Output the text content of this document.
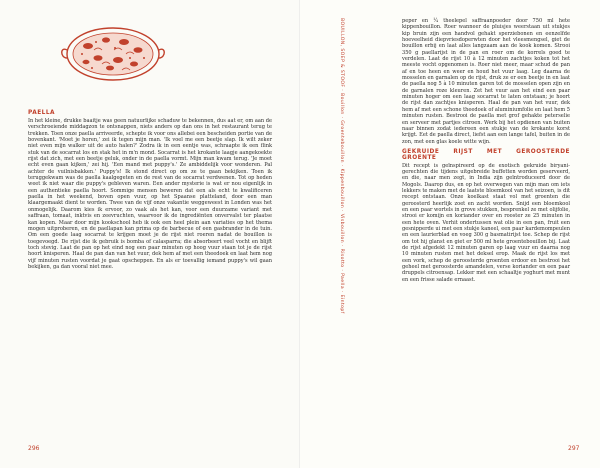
PAELLA

In het kleine, drukke baaitje was geen natuurlijke schaduw te bekennen, dus aat er, om aan de verschroeiende middagzon te ontsnappen, niets anders op dan ons in het restaurant terug te trekken. Toen onze paella arriveerde, schepte ik voor ons allebei een bescheiden portie van de bovenkant. 'Moet je horen,' zei ik tegen mijn man. 'Ik voel me een beetje slap. Ik wilt zeker niet even mijn walker uit de auto halen?' Zodra ik in een eentje was, schraapte ik een flink stuk van de socarrat los en stak het in m'n mond. Socarrat is het krokante laagje aangekoekte rijst dat zich, met een beetje geluk, onder in de paella vormt. Mijn man kwam terug. 'Je moet echt even gaan kijken,' zei hij. 'Een mand met puppy's.' Ze ambiddelijk voor wonderen. Pal achter de vuilnisbakken.' Puppy's! Ik stond direct op om ze te gaan bekijken. Toen ik teruggekwam was de paella kaalgegeten en de rest van de socarrat verdwenen. Tot op heden weet ik niet waar die puppy's gebleven waren. Een ander mysterie is wat er nou eigenlijk in een authentieke paella hoort. Sommige mensen beweren dat een als echt te kwalificeren paella in het weekend, boven open vuur, op het Spaanse platteland, door een man klaargemaakt dient te worden. Twee van de vijf onze vakantie weggeweest in Londen was het onmogelijk. Daarom kies ik ervoor, zo vaak als het kan, voor een duurzame variant met saffraan, tomaat, inktvis en zeevruchten, waarvoor ik de ingrediënten onvervalst ter plaatse kan kopen. Maar door mijn kookschool heb ik ook een heel plein aan variaties op het thema mogen uitproberen, en de paellapan kan prima op de barbecue of een gasbrander in de tuin. Om een goede laag socarrat te krijgen moet je de rijst niet roeren nadat de bouillon is toegevoegd. De rijst die ik gebruik is bomba of calasparra; die absorbeert veel vocht en blijft toch stevig. Laat de pan op het eind nog een paar minuten op hoog vuur staan tot je de rijst hoort knisperen. Haal de pan dan van het vuur, dek hem af met een theedoek en laat hem nog vijf minuten rusten voordat je gaat opscheppen. En als er toevallig iemand puppy's wil gaan bekijken, ga dan vooral niet mee.

296

peper en ¼ theelepel saffraanpoeder door 750 ml hete kippenbouillon. Roer wanneer de pluisjes weerstaan uit stukjes kip bruin zijn een handvol gehakt sperziebonen en eenzelfde hoeveelheid diepvriesdoperwten door het vleesmengsel, giet de bouillon erbij en laat alles langzaam aan de kook komen. Strooi 350 g paellarijst in de pan en roer om de korrels goed te verdelen. Laat de rijst 10 à 12 minuten zachtjes koken tot het meeste vocht opgenomen is. Roer niet meer, maar schud de pan af en toe heen en weer en houd het vuur laag. Leg daarna de mosselen en garnalen op de rijst, druk ze er een beetje in en laat de paella nog 5 à 10 minuten garen tot de mosselen open zijn en de garnalen roze kleuren. Zet het vuur aan het eind een paar minuten hoger om een laag socarrat te laten ontstaan; je hoort de rijst dan zachtjes knisperen. Haal de pan van het vuur, dek hem af met een schone theedoek of aluminiumfolie en laat hem 5 minuten rusten. Bestrooi de paella met grof gehakte peterselie en serveer met partjes citroen. Werk bij het opdienen van buiten naar binnen zodat iedereen een stukje van de krokante korst krijgt. Eet de paella direct, liefst aan een lange tafel, buiten in de zon, met een glas koele witte wijn.

GEKRUIDE RIJST MET GEROOSTERDE GROENTE

Dit recept is geïnspireerd op de exotisch gekruide biryani-gerechten die tijdens uitgebreide buffetten worden geserveerd, en die, naar men zegt, in India zijn geïntroduceerd door de Mogols. Daarop dus, en op het overwegen van mijn man om iets lekkers te maken met de laatste bloemkool van het seizoen, is dit recept ontstaan. Onze koelkast staat vol met groenten die geroosterd heerlijk zoet en zacht worden. Snijd een bloemkool en een paar wortels in grove stukken, besprenkel ze met olijfolie, strooi er komijn en koriander over en rooster ze 25 minuten in een hete oven. Verhit ondertussen wat olie in een pan, fruit een gesnipperde ui met een stukje kaneel, een paar kardemompeulen en een laurierblad en voeg 300 g basmatirijst toe. Schep de rijst om tot hij glanst en giet er 500 ml hete groentebouillon bij. Laat de rijst afgedekt 12 minuten garen op laag vuur en daarna nog 10 minuten rusten met het deksel erop. Maak de rijst los met een vork, schep de geroosterde groenten erdoor en bestrooi het geheel met geroosterde amandelen, verse koriander en een paar druppels citroensap. Lekker met een schaaltje yoghurt met munt en een frisse salade ernaast.

297
BOUILLON, SOEP & STOOF · Bouillon · Groentebouillon · Kippenbouillon · Visbouillon · Risotto · Paella · Eintopf
